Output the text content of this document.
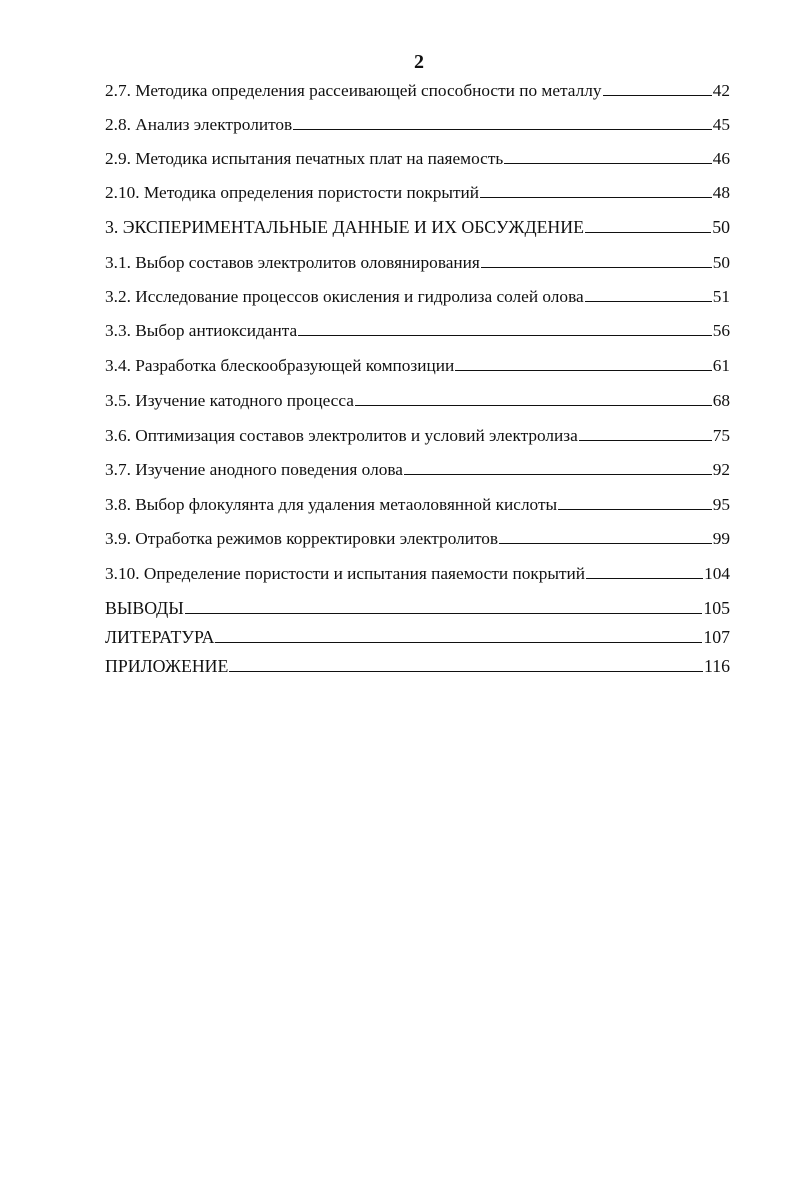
2
2.7. Методика определения рассеивающей способности по металлу	42
2.8. Анализ электролитов	45
2.9. Методика испытания печатных плат на паяемость	46
2.10. Методика определения пористости покрытий	48
3. ЭКСПЕРИМЕНТАЛЬНЫЕ ДАННЫЕ И ИХ ОБСУЖДЕНИЕ	50
3.1. Выбор составов электролитов оловянирования	50
3.2. Исследование процессов окисления и гидролиза солей олова	51
3.3. Выбор антиоксиданта	56
3.4. Разработка блескообразующей композиции	61
3.5. Изучение катодного процесса	68
3.6. Оптимизация составов электролитов и условий электролиза	75
3.7. Изучение анодного поведения олова	92
3.8. Выбор флокулянта для удаления метаоловянной кислоты	95
3.9. Отработка режимов корректировки электролитов	99
3.10. Определение пористости и испытания паяемости покрытий	104
ВЫВОДЫ	105
ЛИТЕРАТУРА	107
ПРИЛОЖЕНИЕ	116
